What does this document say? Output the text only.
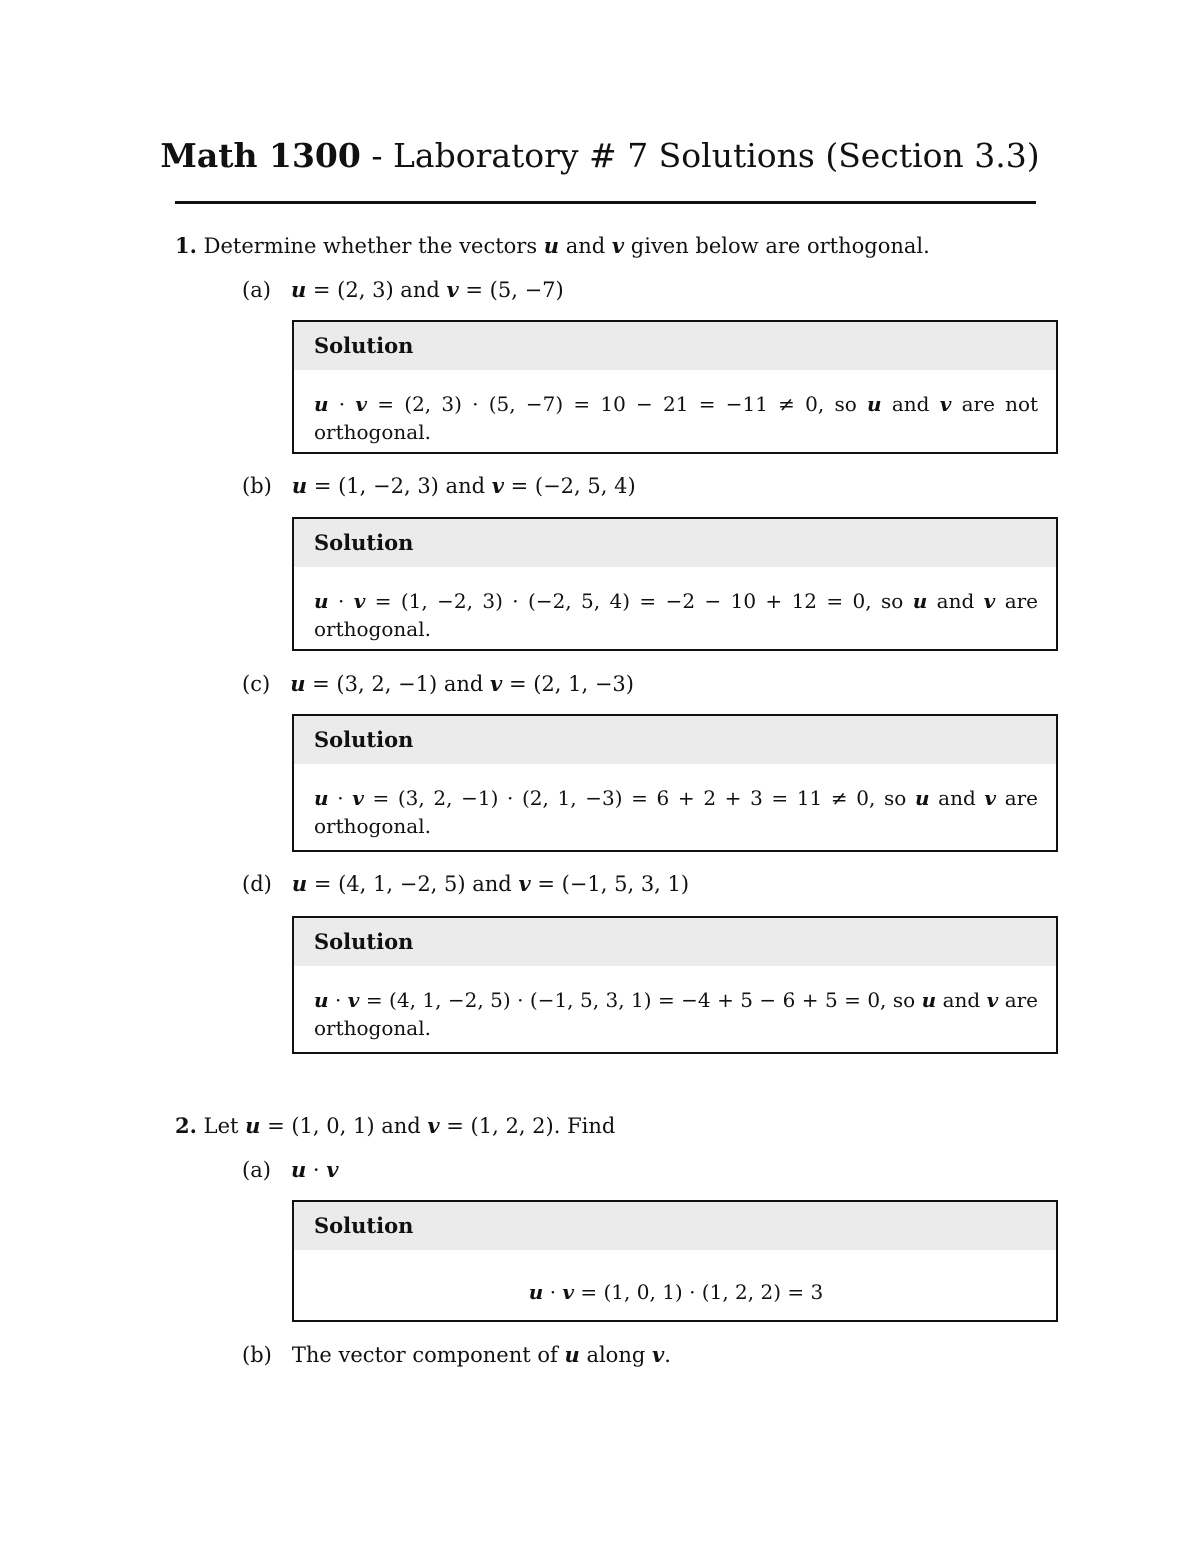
Math 1300 - Laboratory # 7 Solutions (Section 3.3)
1. Determine whether the vectors u and v given below are orthogonal.
(a) u = (2, 3) and v = (5, −7)
Solution
u · v = (2, 3) · (5, −7) = 10 − 21 = −11 ≠ 0, so u and v are not orthogonal.
(b) u = (1, −2, 3) and v = (−2, 5, 4)
Solution
u · v = (1, −2, 3) · (−2, 5, 4) = −2 − 10 + 12 = 0, so u and v are orthogonal.
(c) u = (3, 2, −1) and v = (2, 1, −3)
Solution
u · v = (3, 2, −1) · (2, 1, −3) = 6 + 2 + 3 = 11 ≠ 0, so u and v are orthogonal.
(d) u = (4, 1, −2, 5) and v = (−1, 5, 3, 1)
Solution
u · v = (4, 1, −2, 5) · (−1, 5, 3, 1) = −4 + 5 − 6 + 5 = 0, so u and v are orthogonal.
2. Let u = (1, 0, 1) and v = (1, 2, 2). Find
(a) u · v
Solution
u · v = (1, 0, 1) · (1, 2, 2) = 3
(b) The vector component of u along v.
